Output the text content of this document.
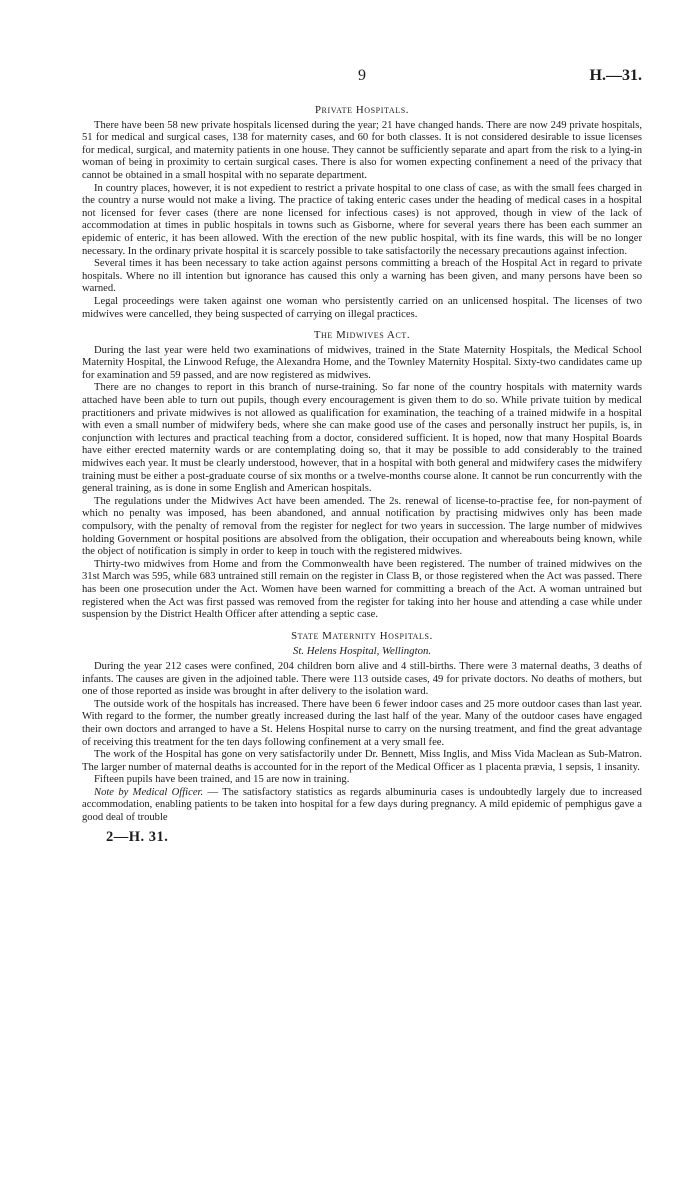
9	H.—31.
Private Hospitals.

There have been 58 new private hospitals licensed during the year; 21 have changed hands. There are now 249 private hospitals, 51 for medical and surgical cases, 138 for maternity cases, and 60 for both classes. It is not considered desirable to issue licenses for medical, surgical, and maternity patients in one house. They cannot be sufficiently separate and apart from the risk to a lying-in woman of being in proximity to certain surgical cases. There is also for women expecting confinement a need of the privacy that cannot be obtained in a small hospital with no separate department.

In country places, however, it is not expedient to restrict a private hospital to one class of case, as with the small fees charged in the country a nurse would not make a living. The practice of taking enteric cases under the heading of medical cases in a hospital not licensed for fever cases (there are none licensed for infectious cases) is not approved, though in view of the lack of accommodation at times in public hospitals in towns such as Gisborne, where for several years there has been each summer an epidemic of enteric, it has been allowed. With the erection of the new public hospital, with its fine wards, this will be no longer necessary. In the ordinary private hospital it is scarcely possible to take satisfactorily the necessary precautions against infection.

Several times it has been necessary to take action against persons committing a breach of the Hospital Act in regard to private hospitals. Where no ill intention but ignorance has caused this only a warning has been given, and many persons have been so warned.

Legal proceedings were taken against one woman who persistently carried on an unlicensed hospital. The licenses of two midwives were cancelled, they being suspected of carrying on illegal practices.

The Midwives Act.

During the last year were held two examinations of midwives, trained in the State Maternity Hospitals, the Medical School Maternity Hospital, the Linwood Refuge, the Alexandra Home, and the Townley Maternity Hospital. Sixty-two candidates came up for examination and 59 passed, and are now registered as midwives.

There are no changes to report in this branch of nurse-training. So far none of the country hospitals with maternity wards attached have been able to turn out pupils, though every encouragement is given them to do so. While private tuition by medical practitioners and private midwives is not allowed as qualification for examination, the teaching of a trained midwife in a hospital with even a small number of midwifery beds, where she can make good use of the cases and personally instruct her pupils, is, in conjunction with lectures and practical teaching from a doctor, considered sufficient. It is hoped, now that many Hospital Boards have either erected maternity wards or are contemplating doing so, that it may be possible to add considerably to the trained midwives each year. It must be clearly understood, however, that in a hospital with both general and midwifery cases the midwifery training must be either a post-graduate course of six months or a twelve-months course alone. It cannot be run concurrently with the general training, as is done in some English and American hospitals.

The regulations under the Midwives Act have been amended. The 2s. renewal of license-to-practise fee, for non-payment of which no penalty was imposed, has been abandoned, and annual notification by practising midwives only has been made compulsory, with the penalty of removal from the register for neglect for two years in succession. The large number of midwives holding Government or hospital positions are absolved from the obligation, their occupation and whereabouts being known, while the object of notification is simply in order to keep in touch with the registered midwives.

Thirty-two midwives from Home and from the Commonwealth have been registered. The number of trained midwives on the 31st March was 595, while 683 untrained still remain on the register in Class B, or those registered when the Act was passed. There has been one prosecution under the Act. Women have been warned for committing a breach of the Act. A woman untrained but registered when the Act was first passed was removed from the register for taking into her house and attending a case while under suspension by the District Health Officer after attending a septic case.

State Maternity Hospitals.
St. Helens Hospital, Wellington.

During the year 212 cases were confined, 204 children born alive and 4 still-births. There were 3 maternal deaths, 3 deaths of infants. The causes are given in the adjoined table. There were 113 outside cases, 49 for private doctors. No deaths of mothers, but one of those reported as inside was brought in after delivery to the isolation ward.

The outside work of the hospitals has increased. There have been 6 fewer indoor cases and 25 more outdoor cases than last year. With regard to the former, the number greatly increased during the last half of the year. Many of the outdoor cases have engaged their own doctors and arranged to have a St. Helens Hospital nurse to carry on the nursing treatment, and find the great advantage of receiving this treatment for the ten days following confinement at a very small fee.

The work of the Hospital has gone on very satisfactorily under Dr. Bennett, Miss Inglis, and Miss Vida Maclean as Sub-Matron. The larger number of maternal deaths is accounted for in the report of the Medical Officer as 1 placenta prævia, 1 sepsis, 1 insanity.

Fifteen pupils have been trained, and 15 are now in training.

Note by Medical Officer. — The satisfactory statistics as regards albuminuria cases is undoubtedly largely due to increased accommodation, enabling patients to be taken into hospital for a few days during pregnancy. A mild epidemic of pemphigus gave a good deal of trouble

2—H. 31.
